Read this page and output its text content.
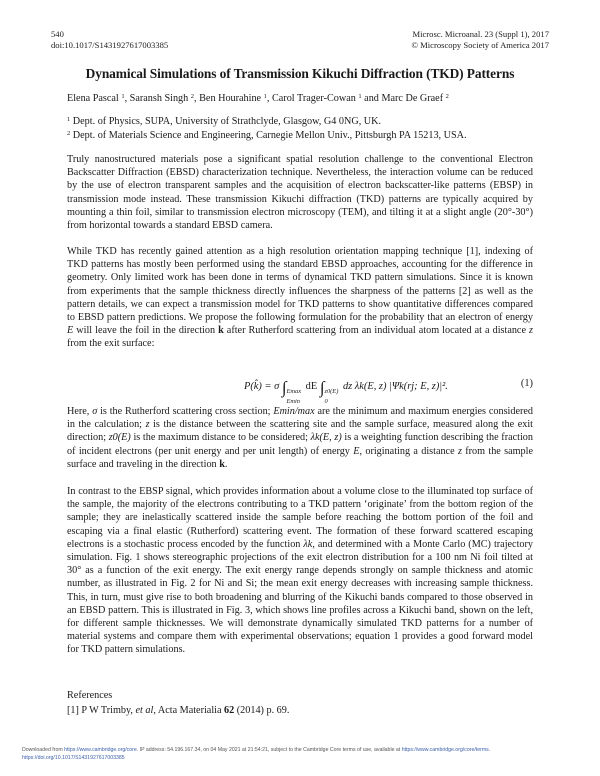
540
doi:10.1017/S1431927617003385
Microsc. Microanal. 23 (Suppl 1), 2017
© Microscopy Society of America 2017
Dynamical Simulations of Transmission Kikuchi Diffraction (TKD) Patterns
Elena Pascal $^1$, Saransh Singh $^2$, Ben Hourahine $^1$, Carol Trager-Cowan $^1$ and Marc De Graef $^2$
$^1$ Dept. of Physics, SUPA, University of Strathclyde, Glasgow, G4 0NG, UK.
$^2$ Dept. of Materials Science and Engineering, Carnegie Mellon Univ., Pittsburgh PA 15213, USA.

Truly nanostructured materials pose a significant spatial resolution challenge to the conventional Electron Backscatter Diffraction (EBSD) characterization technique. Nevertheless, the interaction volume can be reduced by the use of electron transparent samples and the acquisition of electron backscatter-like patterns (EBSP) in transmission mode instead. These transmission Kikuchi diffraction (TKD) patterns are typically acquired by mounting a thin foil, similar to transmission electron microscopy (TEM), and tilting it at a slight angle (20°-30°) from horizontal towards a standard EBSD camera.

While TKD has recently gained attention as a high resolution orientation mapping technique [1], indexing of TKD patterns has mostly been performed using the standard EBSD approaches, accounting for the difference in geometry. Only limited work has been done in terms of dynamical TKD pattern simulations. Since it is known from experiments that the sample thickness directly influences the sharpness of the patterns [2] as well as the pattern details, we can expect a transmission model for TKD patterns to show quantitative differences compared to EBSD pattern predictions. We propose the following formulation for the probability that an electron of energy E will leave the foil in the direction k after Rutherford scattering from an individual atom located at a distance z from the exit surface:

P(k̂) = σ ∫ Emax
Emin
dE ∫ z0(E)
0
dz λk(E, z) |Ψk(rj; E, z)|².	(1)

Here, σ is the Rutherford scattering cross section; Emin/max are the minimum and maximum energies considered in the calculation; z is the distance between the scattering site and the sample surface, measured along the exit direction; z0(E) is the maximum distance to be considered; λk(E, z) is a weighting function describing the fraction of incident electrons (per unit energy and per unit length) of energy E, originating a distance z from the sample surface and traveling in the direction k.

In contrast to the EBSP signal, which provides information about a volume close to the illuminated top surface of the sample, the majority of the electrons contributing to a TKD pattern ‘originate’ from the bottom region of the sample; they are inelastically scattered inside the sample before reaching the bottom portion of the foil and escaping via a final elastic (Rutherford) scattering event. The formation of these forward scattered escaping electrons is a stochastic process encoded by the function λk, and determined with a Monte Carlo (MC) trajectory simulation. Fig. 1 shows stereographic projections of the exit electron distribution for a 100 nm Ni foil tilted at 30° as a function of the exit energy. The exit energy range depends strongly on sample thickness and atomic number, as illustrated in Fig. 2 for Ni and Si; the mean exit energy decreases with increasing sample thickness. This, in turn, must give rise to both broadening and blurring of the Kikuchi bands compared to those observed in an EBSD pattern. This is illustrated in Fig. 3, which shows line profiles across a Kikuchi band, shown on the left, for different sample thicknesses. We will demonstrate dynamically simulated TKD patterns for a number of material systems and compare them with experimental observations; equation 1 provides a good forward model for TKD pattern simulations.

References
[1] P W Trimby, et al, Acta Materialia 62 (2014) p. 69.
Downloaded from https://www.cambridge.org/core. IP address: 54.196.167.34, on 04 May 2021 at 21:54:21, subject to the Cambridge Core terms of use, available at https://www.cambridge.org/core/terms.
https://doi.org/10.1017/S1431927617003385
